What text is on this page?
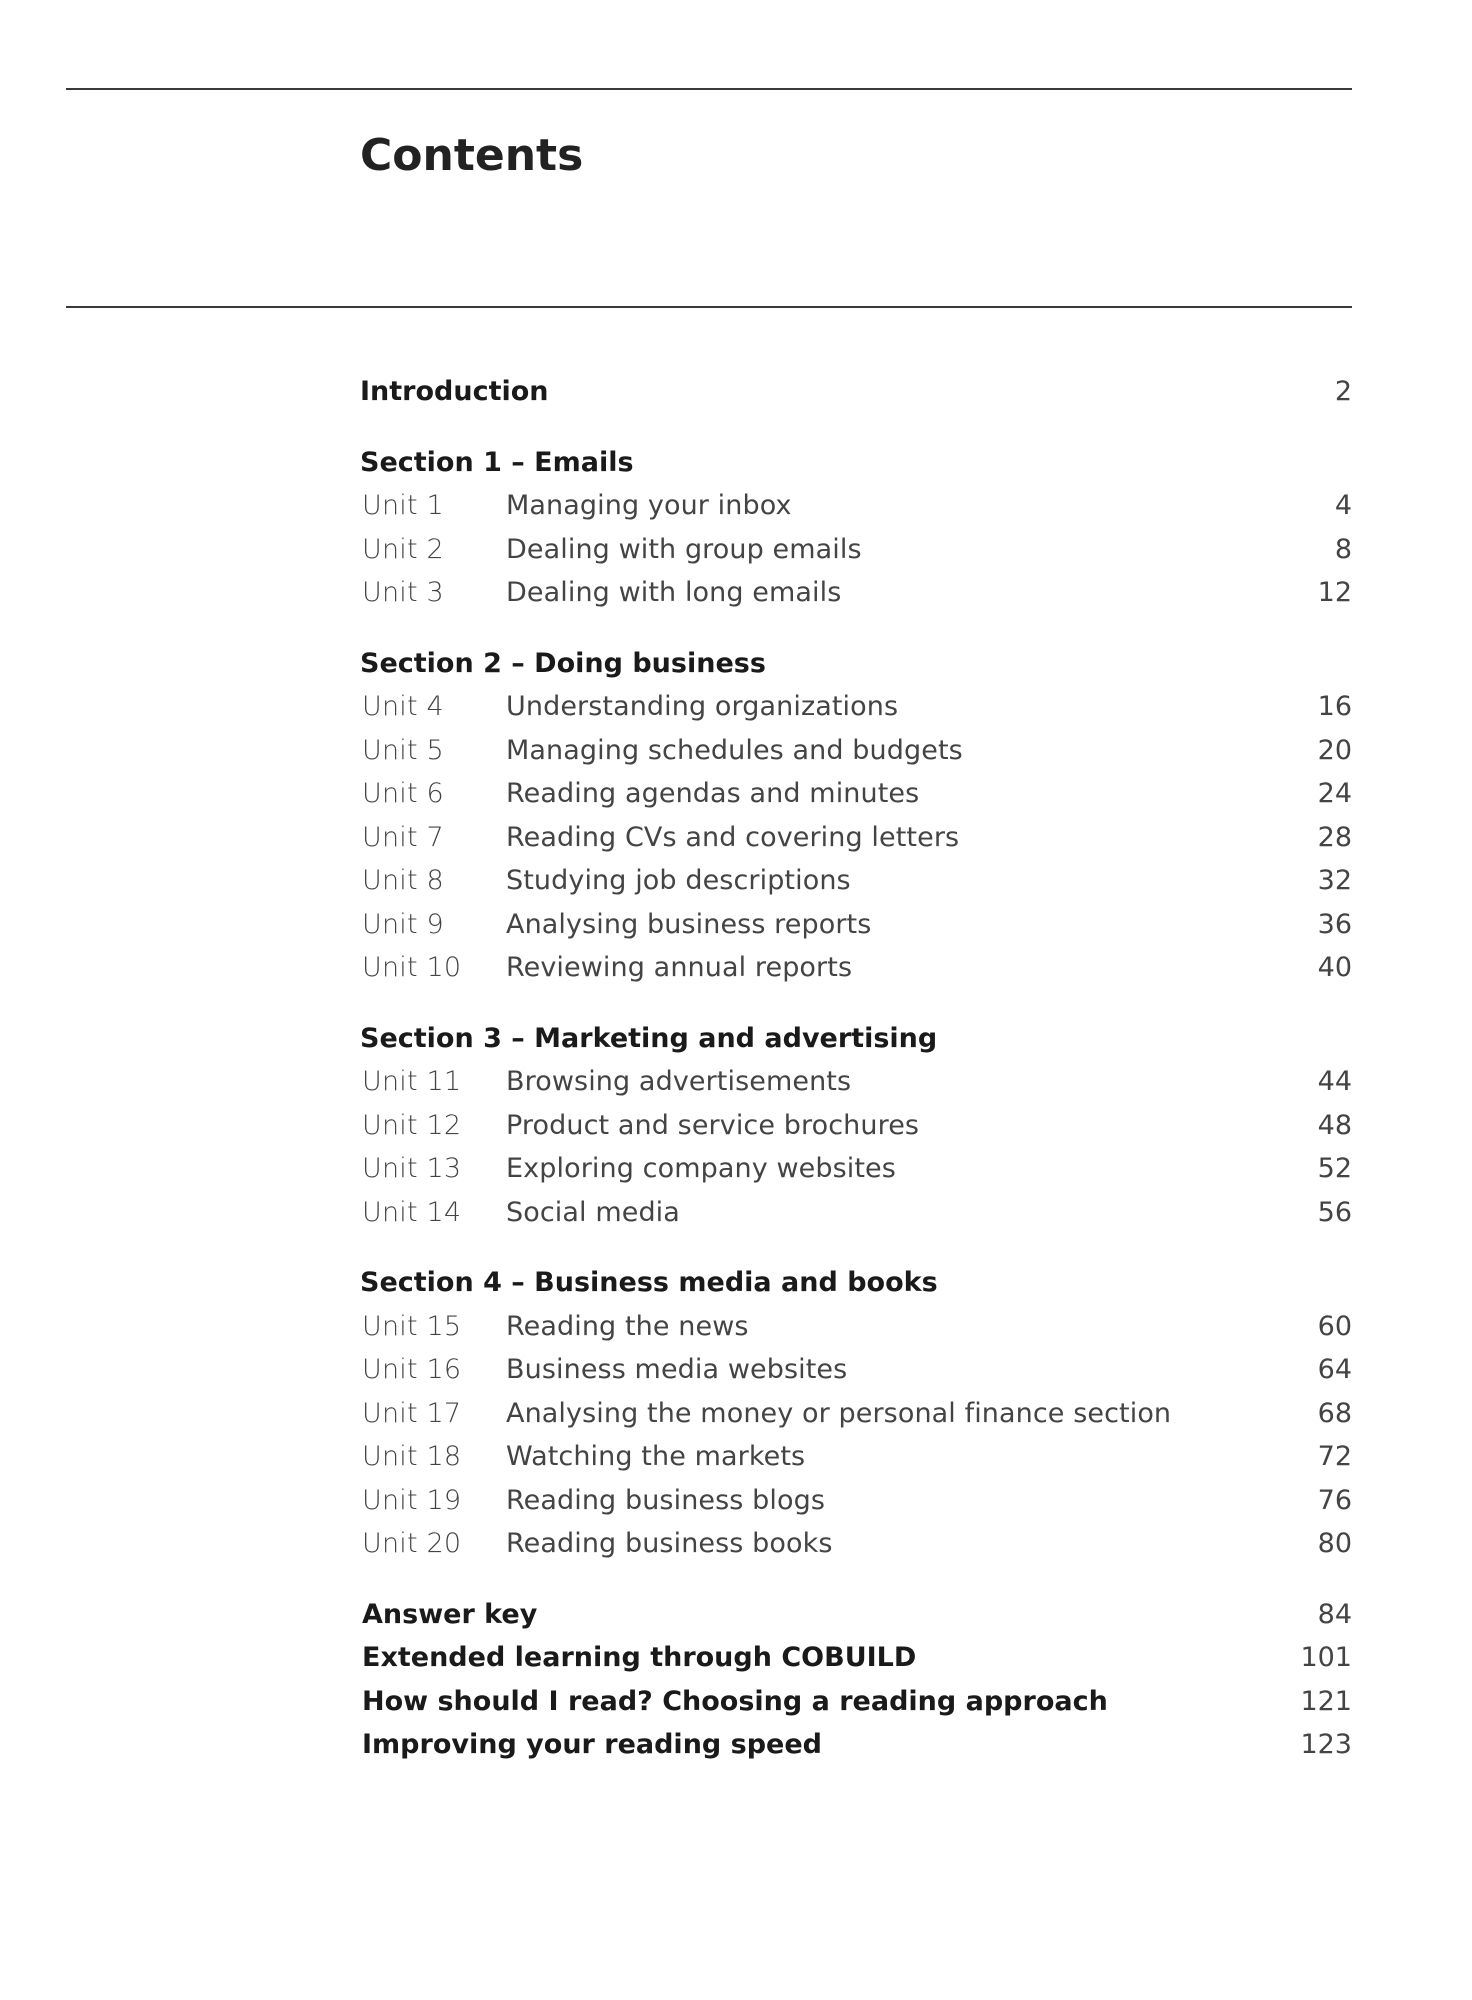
Contents
Introduction	2
Section 1 – Emails
Unit 1 Managing your inbox	4
Unit 2 Dealing with group emails	8
Unit 3 Dealing with long emails	12
Section 2 – Doing business
Unit 4 Understanding organizations	16
Unit 5 Managing schedules and budgets	20
Unit 6 Reading agendas and minutes	24
Unit 7 Reading CVs and covering letters	28
Unit 8 Studying job descriptions	32
Unit 9 Analysing business reports	36
Unit 10 Reviewing annual reports	40
Section 3 – Marketing and advertising
Unit 11 Browsing advertisements	44
Unit 12 Product and service brochures	48
Unit 13 Exploring company websites	52
Unit 14 Social media	56
Section 4 – Business media and books
Unit 15 Reading the news	60
Unit 16 Business media websites	64
Unit 17 Analysing the money or personal finance section	68
Unit 18 Watching the markets	72
Unit 19 Reading business blogs	76
Unit 20 Reading business books	80
Answer key	84
Extended learning through COBUILD	101
How should I read? Choosing a reading approach	121
Improving your reading speed	123
